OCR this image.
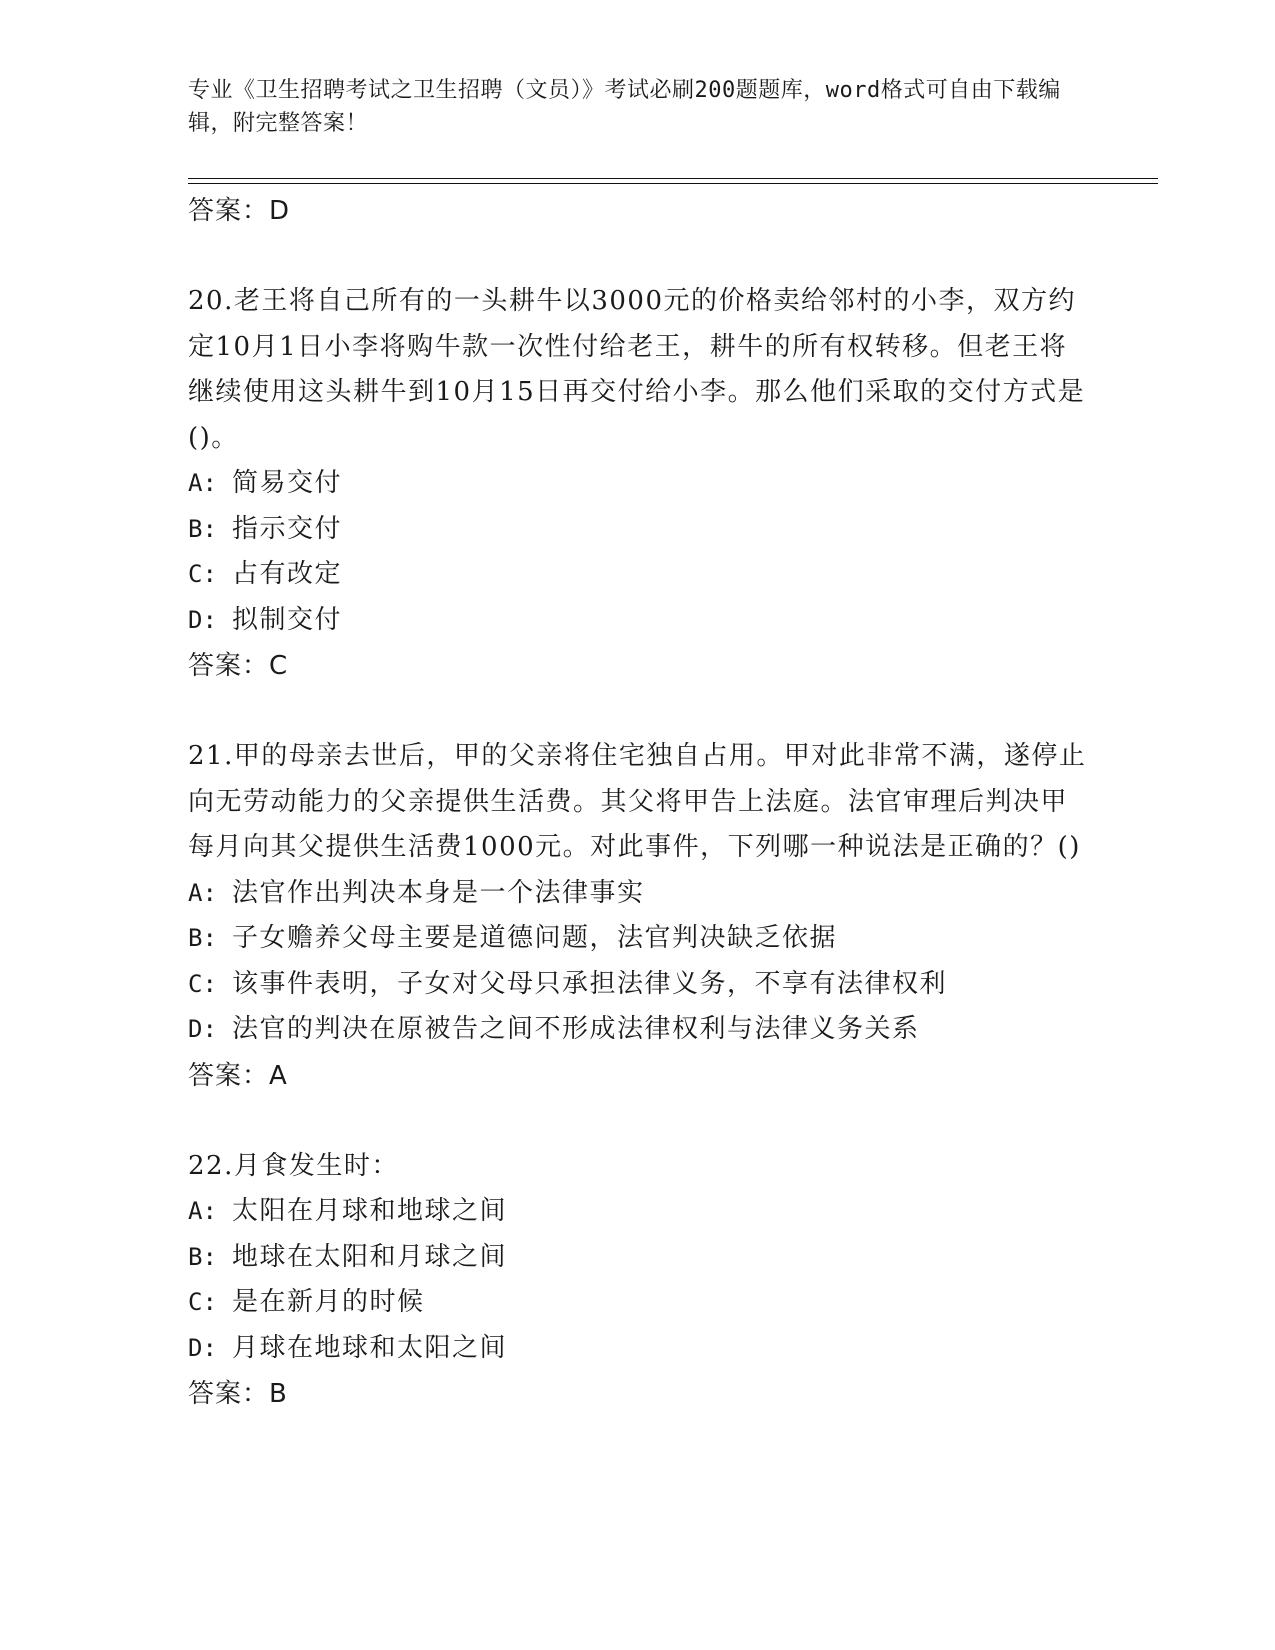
专业《卫生招聘考试之卫生招聘（文员）》考试必刷200题题库，word格式可自由下载编辑，附完整答案！
答案：D

20.老王将自己所有的一头耕牛以3000元的价格卖给邻村的小李，双方约定10月1日小李将购牛款一次性付给老王，耕牛的所有权转移。但老王将继续使用这头耕牛到10月15日再交付给小李。那么他们采取的交付方式是()。

A: 简易交付
B: 指示交付
C: 占有改定
D: 拟制交付
答案：C

21.甲的母亲去世后，甲的父亲将住宅独自占用。甲对此非常不满，遂停止向无劳动能力的父亲提供生活费。其父将甲告上法庭。法官审理后判决甲每月向其父提供生活费1000元。对此事件，下列哪一种说法是正确的？()

A: 法官作出判决本身是一个法律事实
B: 子女赡养父母主要是道德问题，法官判决缺乏依据
C: 该事件表明，子女对父母只承担法律义务，不享有法律权利
D: 法官的判决在原被告之间不形成法律权利与法律义务关系
答案：A

22.月食发生时：

A: 太阳在月球和地球之间
B: 地球在太阳和月球之间
C: 是在新月的时候
D: 月球在地球和太阳之间
答案：B
